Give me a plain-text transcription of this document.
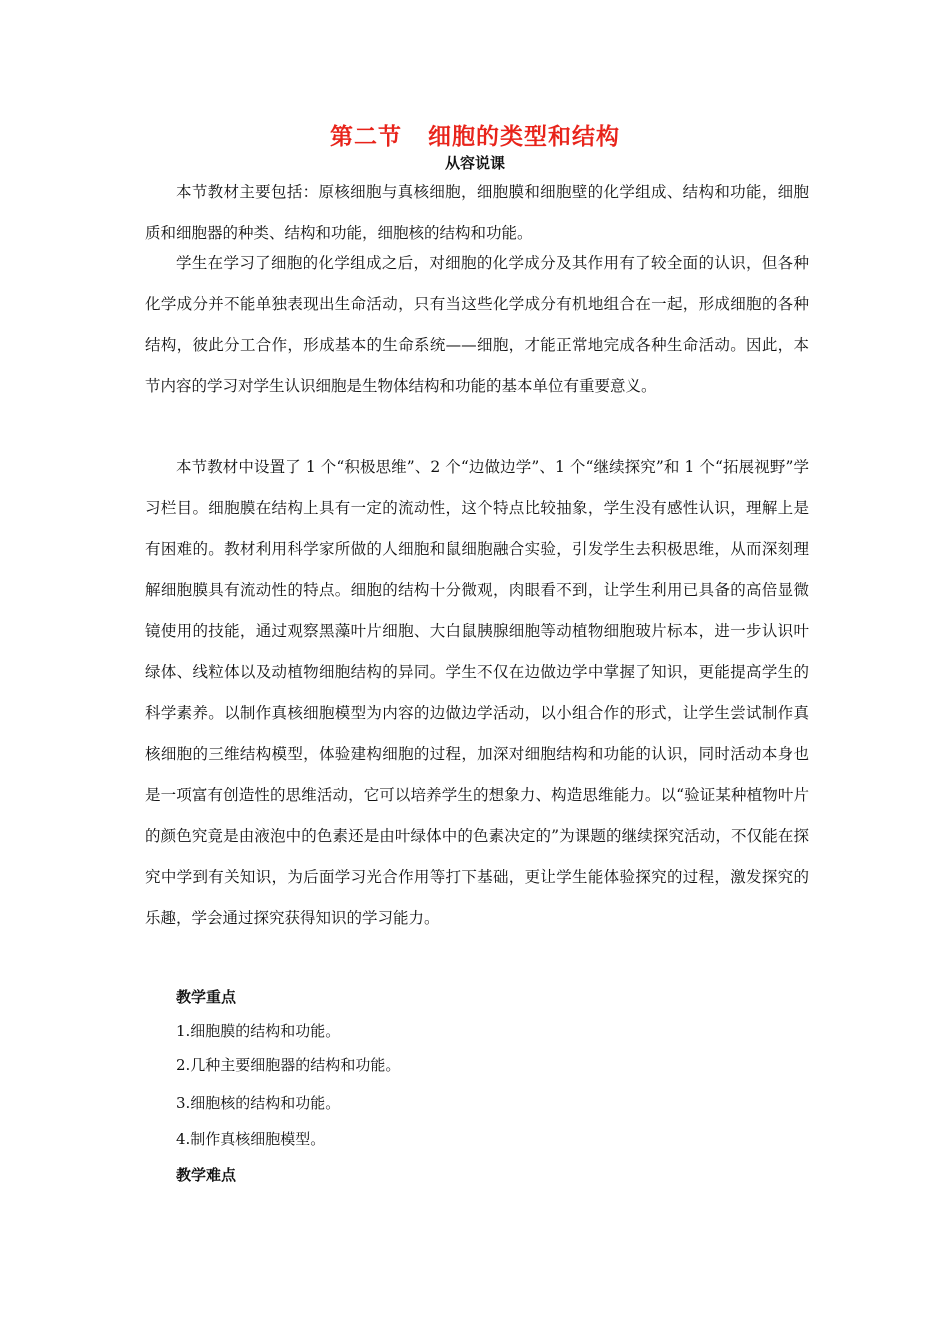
第二节 细胞的类型和结构
从容说课

本节教材主要包括：原核细胞与真核细胞，细胞膜和细胞壁的化学组成、结构和功能，细胞质和细胞器的种类、结构和功能，细胞核的结构和功能。

学生在学习了细胞的化学组成之后，对细胞的化学成分及其作用有了较全面的认识，但各种化学成分并不能单独表现出生命活动，只有当这些化学成分有机地组合在一起，形成细胞的各种结构，彼此分工合作，形成基本的生命系统——细胞，才能正常地完成各种生命活动。因此，本节内容的学习对学生认识细胞是生物体结构和功能的基本单位有重要意义。

本节教材中设置了 1 个“积极思维”、2 个“边做边学”、1 个“继续探究”和 1 个“拓展视野”学习栏目。细胞膜在结构上具有一定的流动性，这个特点比较抽象，学生没有感性认识，理解上是有困难的。教材利用科学家所做的人细胞和鼠细胞融合实验，引发学生去积极思维，从而深刻理解细胞膜具有流动性的特点。细胞的结构十分微观，肉眼看不到，让学生利用已具备的高倍显微镜使用的技能，通过观察黑藻叶片细胞、大白鼠胰腺细胞等动植物细胞玻片标本，进一步认识叶绿体、线粒体以及动植物细胞结构的异同。学生不仅在边做边学中掌握了知识，更能提高学生的科学素养。以制作真核细胞模型为内容的边做边学活动，以小组合作的形式，让学生尝试制作真核细胞的三维结构模型，体验建构细胞的过程，加深对细胞结构和功能的认识，同时活动本身也是一项富有创造性的思维活动，它可以培养学生的想象力、构造思维能力。以“验证某种植物叶片的颜色究竟是由液泡中的色素还是由叶绿体中的色素决定的”为课题的继续探究活动，不仅能在探究中学到有关知识，为后面学习光合作用等打下基础，更让学生能体验探究的过程，激发探究的乐趣，学会通过探究获得知识的学习能力。

教学重点
1.细胞膜的结构和功能。
2.几种主要细胞器的结构和功能。
3.细胞核的结构和功能。
4.制作真核细胞模型。
教学难点
